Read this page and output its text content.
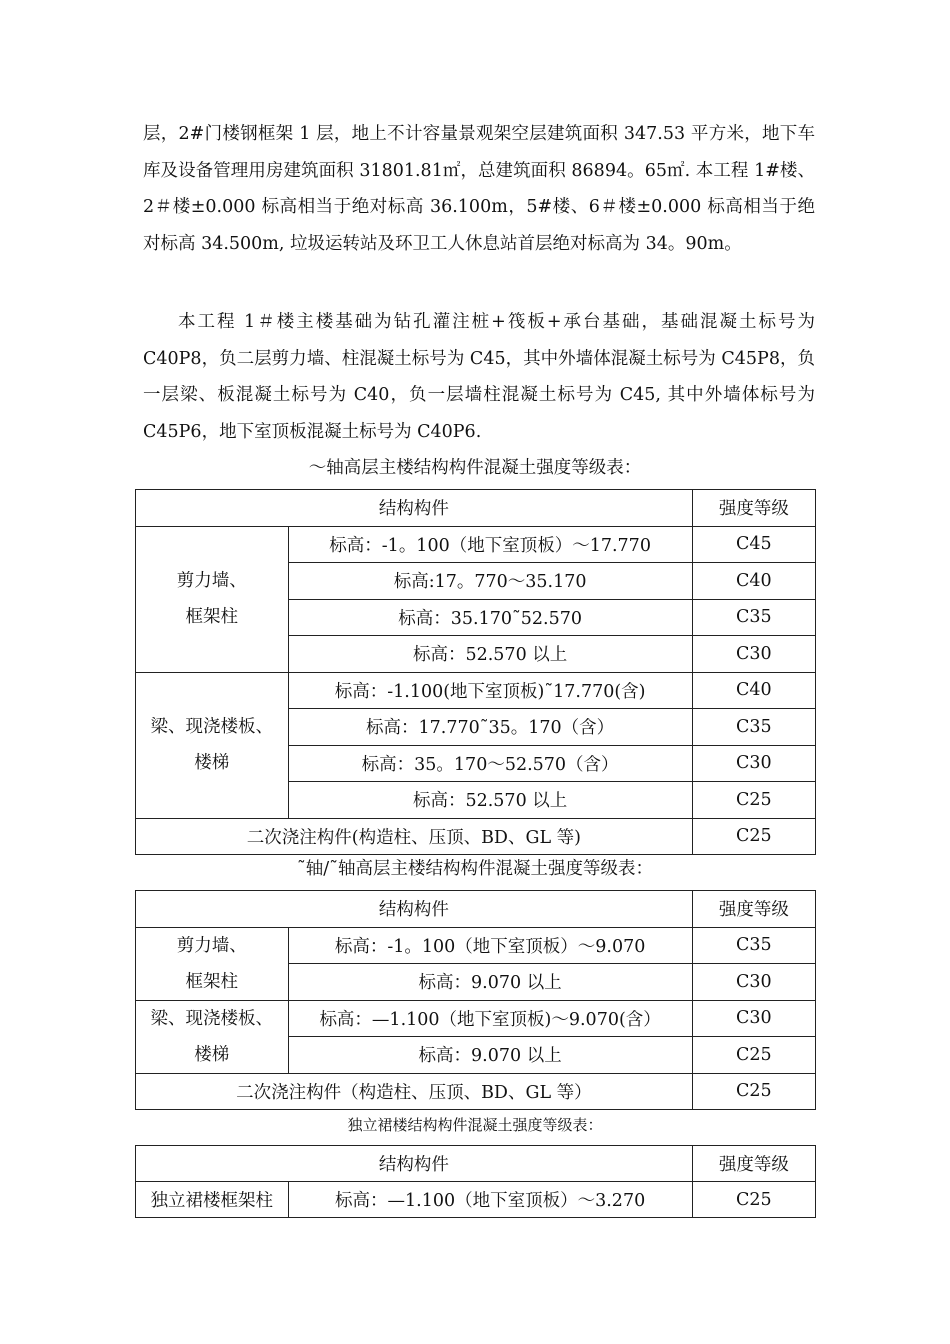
层，2#门楼钢框架 1 层，地上不计容量景观架空层建筑面积 347.53 平方米，地下车库及设备管理用房建筑面积 31801.81㎡，总建筑面积 86894。65㎡. 本工程 1#楼、2＃楼±0.000 标高相当于绝对标高 36.100m，5#楼、6＃楼±0.000 标高相当于绝对标高 34.500m, 垃圾运转站及环卫工人休息站首层绝对标高为 34。90m。
本工程 1＃楼主楼基础为钻孔灌注桩+筏板+承台基础，基础混凝土标号为 C40P8，负二层剪力墙、柱混凝土标号为 C45，其中外墙体混凝土标号为 C45P8，负一层梁、板混凝土标号为 C40，负一层墙柱混凝土标号为 C45, 其中外墙体标号为 C45P6，地下室顶板混凝土标号为 C40P6.
～轴高层主楼结构构件混凝土强度等级表：
结构构件		强度等级
剪力墙、
框架柱	标高：-1。100（地下室顶板）～17.770	C45
	标高:17。770～35.170	C40
	标高：35.170˜52.570	C35
	标高：52.570 以上	C30
梁、现浇楼板、
楼梯	标高：-1.100(地下室顶板)˜17.770(含)	C40
	标高：17.770˜35。170（含）	C35
	标高：35。170～52.570（含）	C30
	标高：52.570 以上	C25
二次浇注构件(构造柱、压顶、BD、GL 等)		C25
˜轴/˜轴高层主楼结构构件混凝土强度等级表：
结构构件		强度等级
剪力墙、
框架柱	标高：-1。100（地下室顶板）～9.070	C35
	标高：9.070 以上	C30
梁、现浇楼板、
楼梯	标高：—1.100（地下室顶板)～9.070(含）	C30
	标高：9.070 以上	C25
二次浇注构件（构造柱、压顶、BD、GL 等）		C25
独立裙楼结构构件混凝土强度等级表：
结构构件		强度等级
独立裙楼框架柱	标高：—1.100（地下室顶板）～3.270	C25
